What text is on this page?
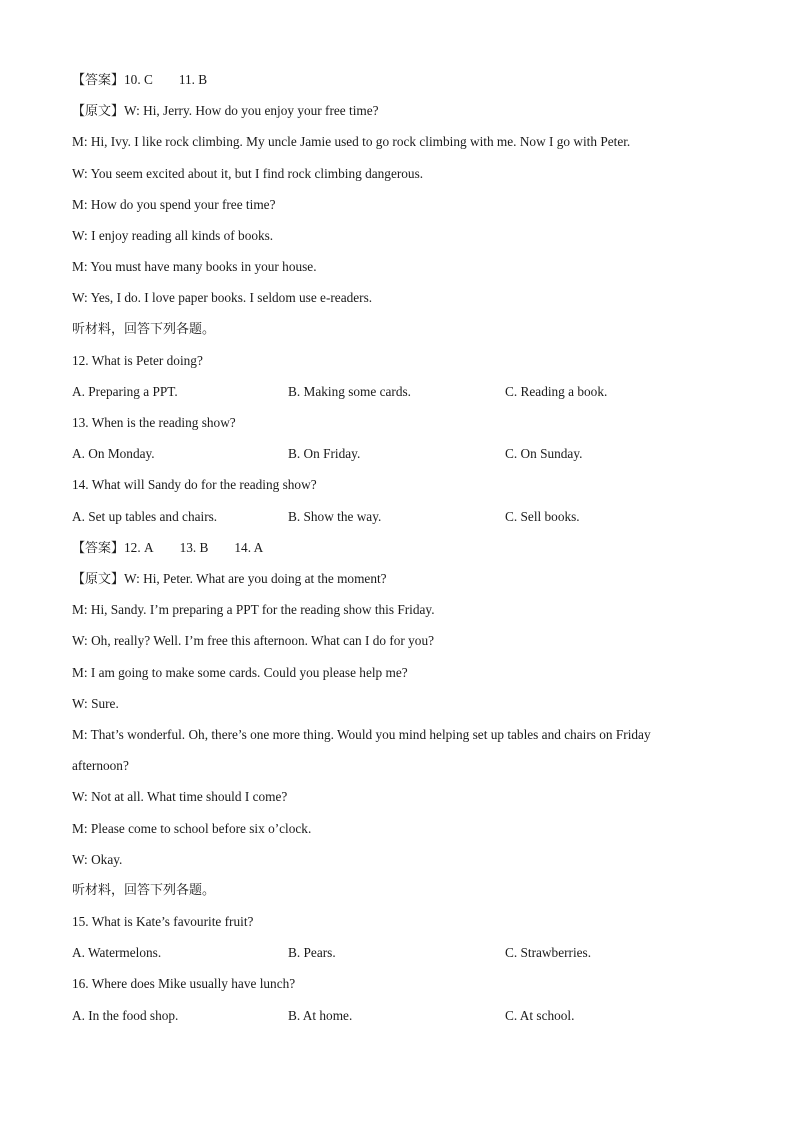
【答案】10. C 11. B
【原文】W: Hi, Jerry. How do you enjoy your free time?
M: Hi, Ivy. I like rock climbing. My uncle Jamie used to go rock climbing with me. Now I go with Peter.
W: You seem excited about it, but I find rock climbing dangerous.
M: How do you spend your free time?
W: I enjoy reading all kinds of books.
M: You must have many books in your house.
W: Yes, I do. I love paper books. I seldom use e-readers.
听材料，回答下列各题。
12. What is Peter doing?
A. Preparing a PPT.	B. Making some cards.	C. Reading a book.
13. When is the reading show?
A. On Monday.	B. On Friday.	C. On Sunday.
14. What will Sandy do for the reading show?
A. Set up tables and chairs.	B. Show the way.	C. Sell books.
【答案】12. A 13. B 14. A
【原文】W: Hi, Peter. What are you doing at the moment?
M: Hi, Sandy. I’m preparing a PPT for the reading show this Friday.
W: Oh, really? Well. I’m free this afternoon. What can I do for you?
M: I am going to make some cards. Could you please help me?
W: Sure.
M: That’s wonderful. Oh, there’s one more thing. Would you mind helping set up tables and chairs on Friday
afternoon?
W: Not at all. What time should I come?
M: Please come to school before six o’clock.
W: Okay.
听材料，回答下列各题。
15. What is Kate’s favourite fruit?
A. Watermelons.	B. Pears.	C. Strawberries.
16. Where does Mike usually have lunch?
A. In the food shop.	B. At home.	C. At school.
